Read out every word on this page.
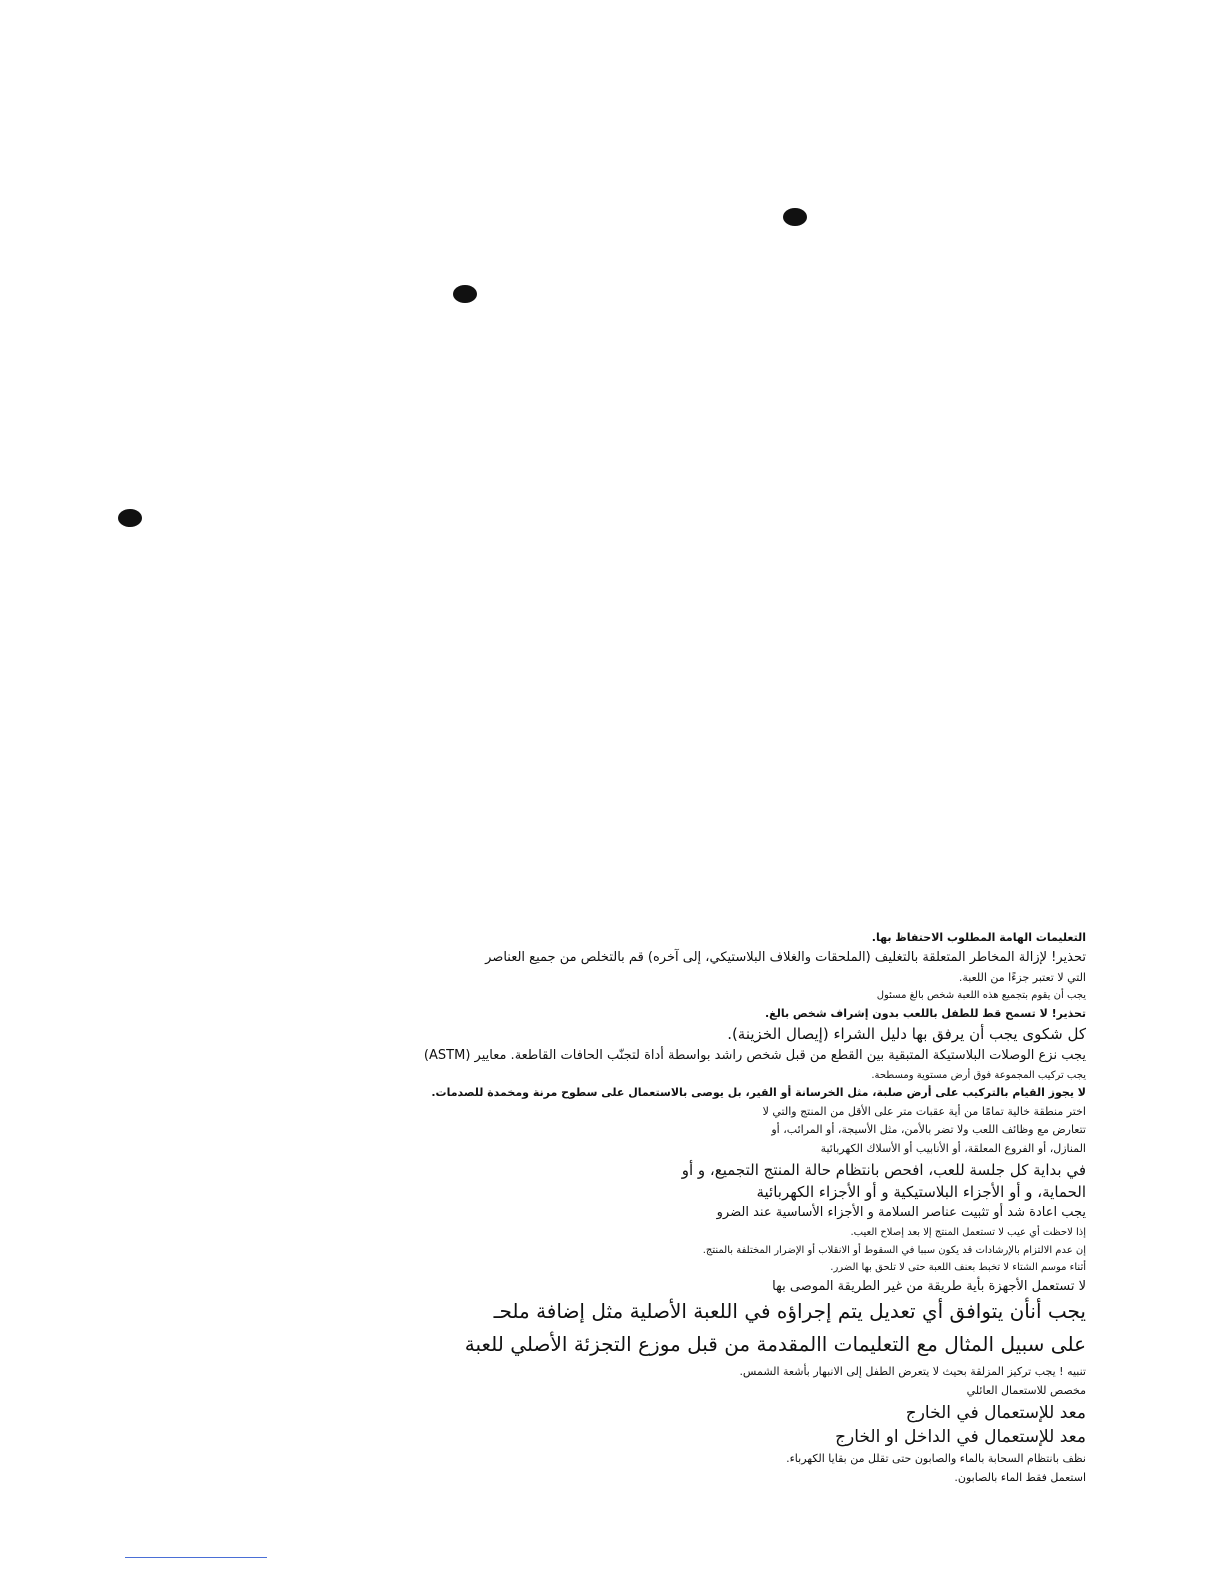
التعليمات الهامة المطلوب الاحتفاظ بها.
تحذير! لإزالة المخاطر المتعلقة بالتغليف (الملحقات والغلاف البلاستيكي، إلى آخره) قم بالتخلص من جميع العناصر
التي لا تعتبر جزءًا من اللعبة.
يجب أن يقوم بتجميع هذه اللعبة شخص بالغ مسئول
تحذير! لا تسمح قط للطفل باللعب بدون إشراف شخص بالغ.
كل شكوى يجب أن يرفق بها دليل الشراء (إيصال الخزينة).
يجب نزع الوصلات البلاستيكة المتبقية بين القطع من قبل شخص راشد بواسطة أداة لتجنّب الحافات القاطعة. معايير (ASTM)
يجب تركيب المجموعة فوق أرض مستوية ومسطحة.
لا يجوز القيام بالتركيب على أرض صلبة، مثل الخرسانة أو القير، بل يوصى بالاستعمال على سطوح مرنة ومخمدة للصدمات.
اختر منطقة خالية تمامًا من أية عقبات متر على الأقل من المنتج والتي لا
تتعارض مع وظائف اللعب ولا تضر بالأمن، مثل الأسيجة، أو المرائب، أو
المنازل، أو الفروع المعلقة، أو الأنابيب أو الأسلاك الكهربائية
في بداية كل جلسة للعب، افحص بانتظام حالة المنتج التجميع، و أو
الحماية، و أو الأجزاء البلاستيكية و أو الأجزاء الكهربائية
يجب اعادة شد أو تثبيت عناصر السلامة و الأجزاء الأساسية عند الضرو
إذا لاحظت أي عيب لا تستعمل المنتج إلا بعد إصلاح العيب.
إن عدم الالتزام بالإرشادات قد يكون سببا في السقوط أو الانقلاب أو الإضرار المختلفة بالمنتج.
أثناء موسم الشتاء لا تخبط بعنف اللعبة حتى لا تلحق بها الضرر.
لا تستعمل الأجهزة بأية طريقة من غير الطريقة الموصى بها
يجب أنأن يتوافق أي تعديل يتم إجراؤه في اللعبة الأصلية مثل إضافة ملحـ
على سبيل المثال مع التعليمات االمقدمة من قبل موزع التجزئة الأصلي للعبة
تنبيه ! يجب تركيز المزلقة بحيث لا يتعرض الطفل إلى الانبهار بأشعة الشمس.
مخصص للاستعمال العائلي
معد للإستعمال في الخارج
معد للإستعمال في الداخل او الخارج
نظف بانتظام السحابة بالماء والصابون حتى تقلل من بقايا الكهرباء.
استعمل فقط الماء بالصابون.
